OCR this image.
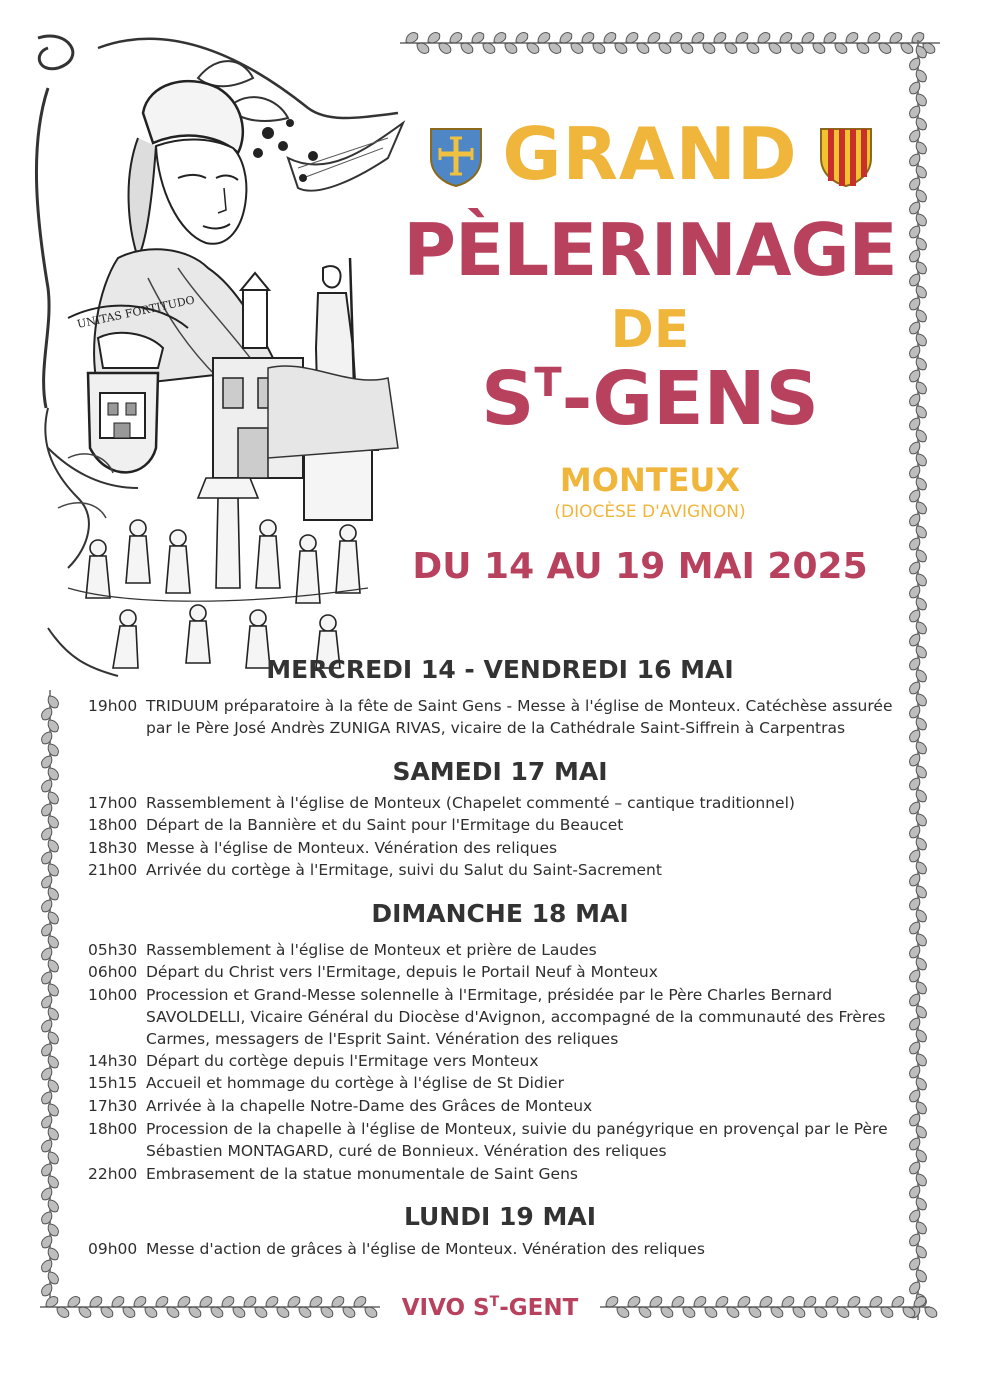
UNITAS FORTITUDO
GRAND
PÈLERINAGE
DE
$S^T$-GENS
MONTEUX
(DIOCÈSE D'AVIGNON)
DU 14 AU 19 MAI 2025
MERCREDI 14 - VENDREDI 16 MAI
19h00 TRIDUUM préparatoire à la fête de Saint Gens - Messe à l'église de Monteux. Catéchèse assurée par le Père José Andrès ZUNIGA RIVAS, vicaire de la Cathédrale Saint-Siffrein à Carpentras
SAMEDI 17 MAI
17h00 Rassemblement à l'église de Monteux (Chapelet commenté – cantique traditionnel)
18h00 Départ de la Bannière et du Saint pour l'Ermitage du Beaucet
18h30 Messe à l'église de Monteux. Vénération des reliques
21h00 Arrivée du cortège à l'Ermitage, suivi du Salut du Saint-Sacrement
DIMANCHE 18 MAI
05h30 Rassemblement à l'église de Monteux et prière de Laudes
06h00 Départ du Christ vers l'Ermitage, depuis le Portail Neuf à Monteux
10h00 Procession et Grand-Messe solennelle à l'Ermitage, présidée par le Père Charles Bernard SAVOLDELLI, Vicaire Général du Diocèse d'Avignon, accompagné de la communauté des Frères Carmes, messagers de l'Esprit Saint. Vénération des reliques
14h30 Départ du cortège depuis l'Ermitage vers Monteux
15h15 Accueil et hommage du cortège à l'église de St Didier
17h30 Arrivée à la chapelle Notre-Dame des Grâces de Monteux
18h00 Procession de la chapelle à l'église de Monteux, suivie du panégyrique en provençal par le Père Sébastien MONTAGARD, curé de Bonnieux. Vénération des reliques
22h00 Embrasement de la statue monumentale de Saint Gens
LUNDI 19 MAI
09h00 Messe d'action de grâces à l'église de Monteux. Vénération des reliques
VIVO $S^T$-GENT
